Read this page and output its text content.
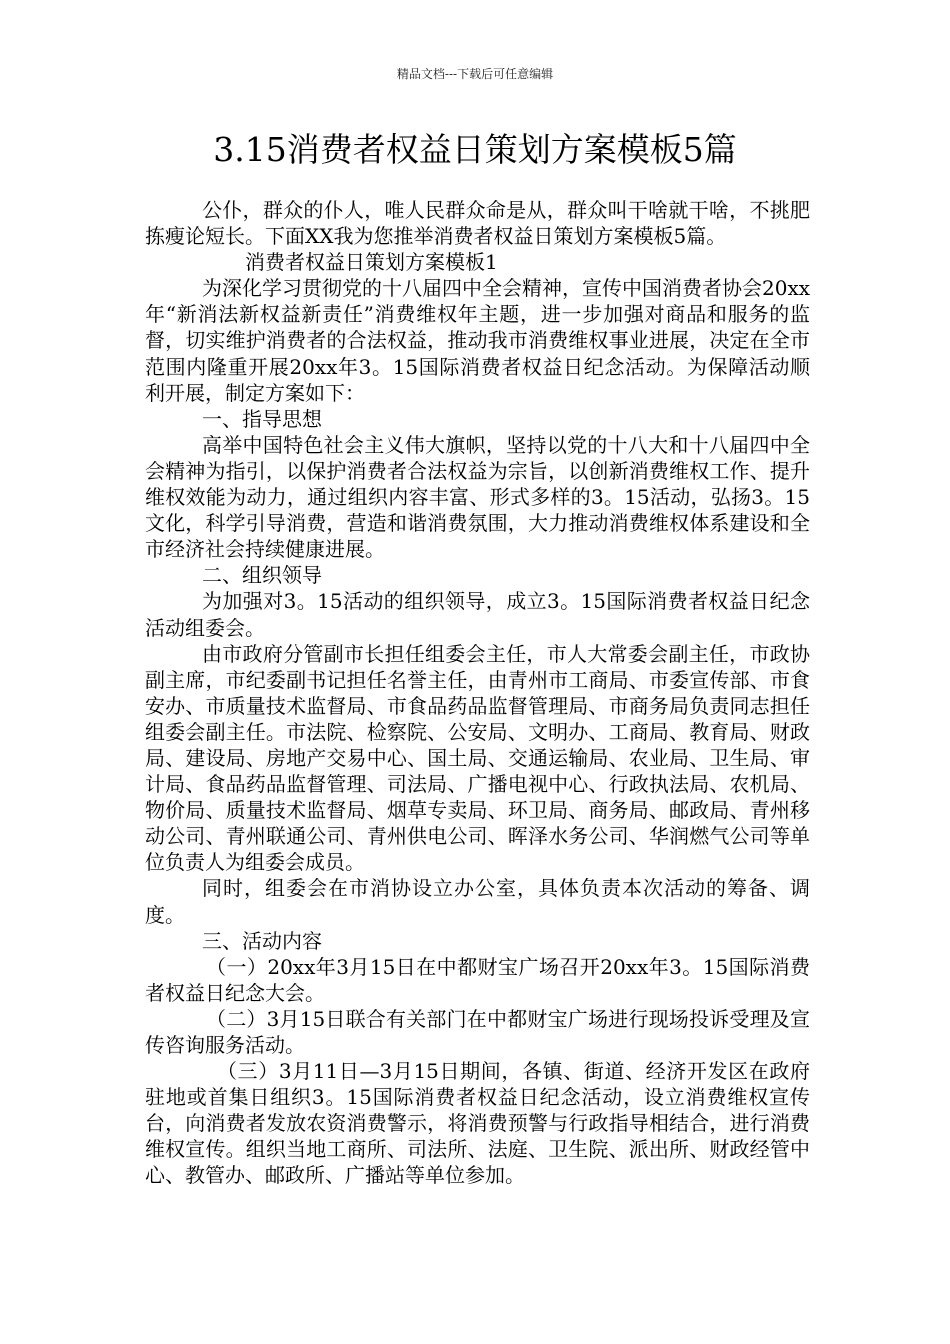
精品文档---下载后可任意编辑
3.15消费者权益日策划方案模板5篇

公仆，群众的仆人，唯人民群众命是从，群众叫干啥就干啥，不挑肥拣瘦论短长。下面XX我为您推举消费者权益日策划方案模板5篇。

消费者权益日策划方案模板1

为深化学习贯彻党的十八届四中全会精神，宣传中国消费者协会20xx年“新消法新权益新责任”消费维权年主题，进一步加强对商品和服务的监督，切实维护消费者的合法权益，推动我市消费维权事业进展，决定在全市范围内隆重开展20xx年3。15国际消费者权益日纪念活动。为保障活动顺利开展，制定方案如下：

一、指导思想

高举中国特色社会主义伟大旗帜，坚持以党的十八大和十八届四中全会精神为指引，以保护消费者合法权益为宗旨，以创新消费维权工作、提升维权效能为动力，通过组织内容丰富、形式多样的3。15活动，弘扬3。15文化，科学引导消费，营造和谐消费氛围，大力推动消费维权体系建设和全市经济社会持续健康进展。

二、组织领导

为加强对3。15活动的组织领导，成立3。15国际消费者权益日纪念活动组委会。

由市政府分管副市长担任组委会主任，市人大常委会副主任，市政协副主席，市纪委副书记担任名誉主任，由青州市工商局、市委宣传部、市食安办、市质量技术监督局、市食品药品监督管理局、市商务局负责同志担任组委会副主任。市法院、检察院、公安局、文明办、工商局、教育局、财政局、建设局、房地产交易中心、国土局、交通运输局、农业局、卫生局、审计局、食品药品监督管理、司法局、广播电视中心、行政执法局、农机局、物价局、质量技术监督局、烟草专卖局、环卫局、商务局、邮政局、青州移动公司、青州联通公司、青州供电公司、晖泽水务公司、华润燃气公司等单位负责人为组委会成员。

同时，组委会在市消协设立办公室，具体负责本次活动的筹备、调度。

三、活动内容

（一）20xx年3月15日在中都财宝广场召开20xx年3。15国际消费者权益日纪念大会。

（二）3月15日联合有关部门在中都财宝广场进行现场投诉受理及宣传咨询服务活动。

（三）3月11日—3月15日期间，各镇、街道、经济开发区在政府驻地或首集日组织3。15国际消费者权益日纪念活动，设立消费维权宣传台，向消费者发放农资消费警示，将消费预警与行政指导相结合，进行消费维权宣传。组织当地工商所、司法所、法庭、卫生院、派出所、财政经管中心、教管办、邮政所、广播站等单位参加。
